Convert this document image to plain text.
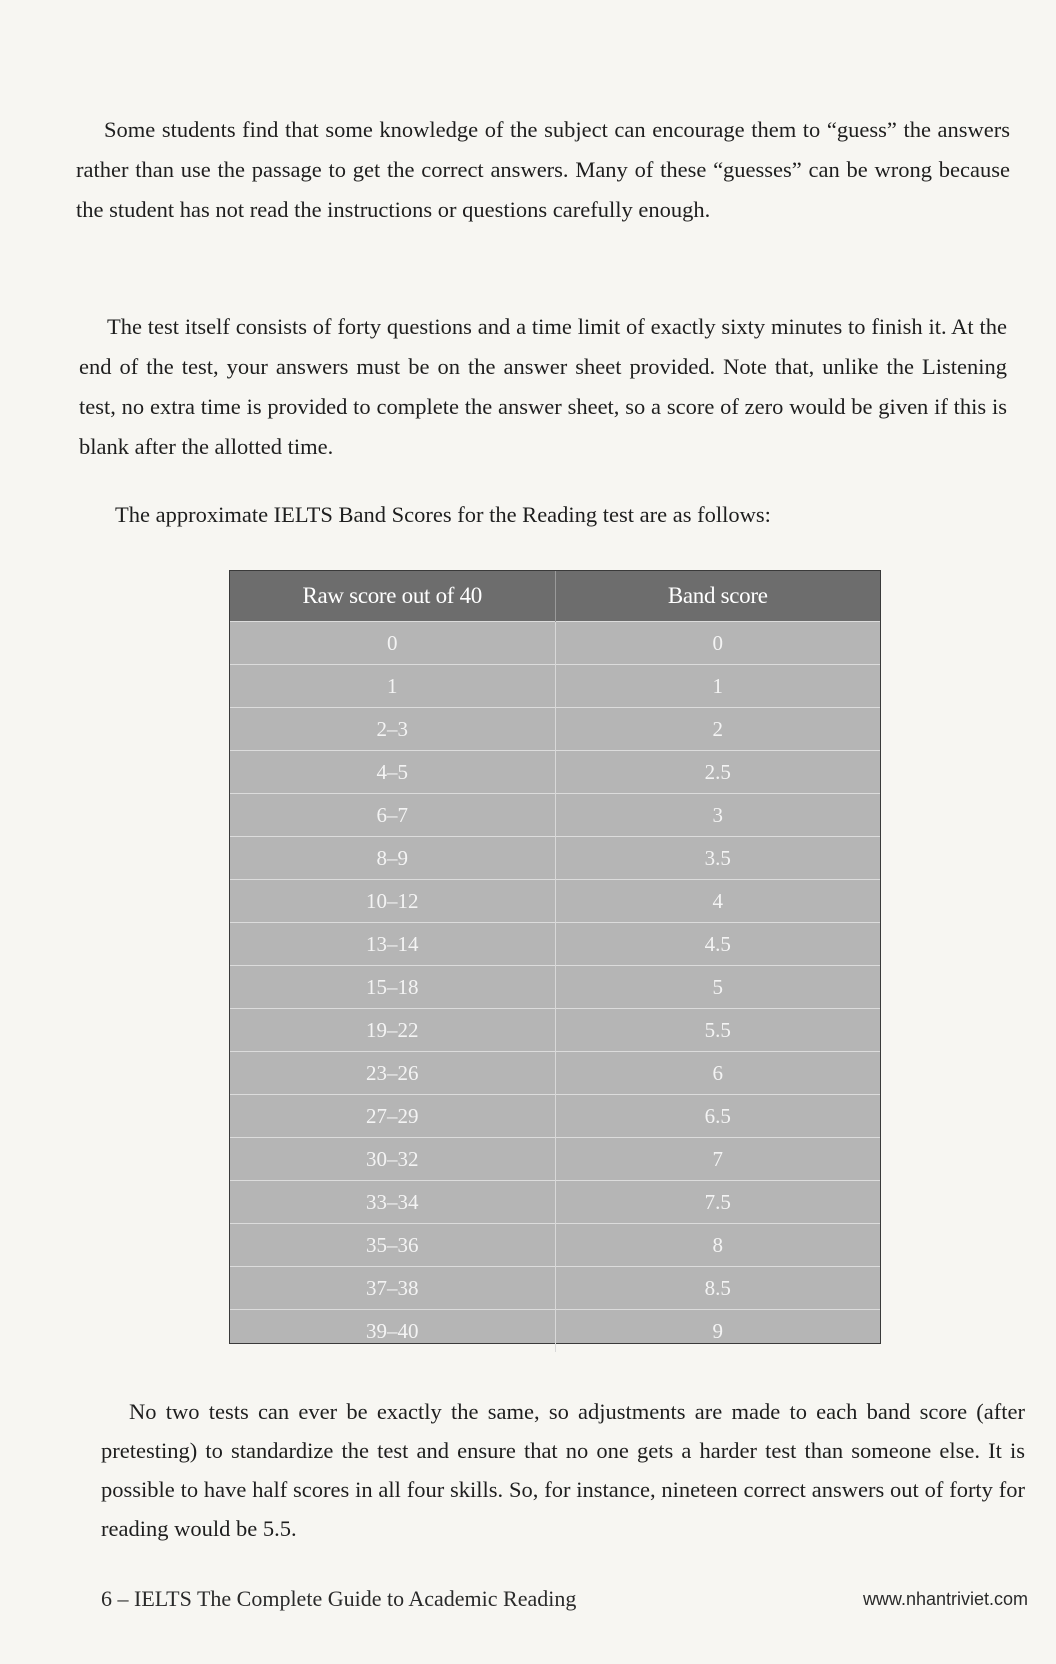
Some students find that some knowledge of the subject can encourage them to “guess” the answers rather than use the passage to get the correct answers. Many of these “guesses” can be wrong because the student has not read the instructions or questions carefully enough.

The test itself consists of forty questions and a time limit of exactly sixty minutes to finish it. At the end of the test, your answers must be on the answer sheet provided. Note that, unlike the Listening test, no extra time is provided to complete the answer sheet, so a score of zero would be given if this is blank after the allotted time.

The approximate IELTS Band Scores for the Reading test are as follows:

Raw score out of 40	Band score
0	0
1	1
2–3	2
4–5	2.5
6–7	3
8–9	3.5
10–12	4
13–14	4.5
15–18	5
19–22	5.5
23–26	6
27–29	6.5
30–32	7
33–34	7.5
35–36	8
37–38	8.5
39–40	9

No two tests can ever be exactly the same, so adjustments are made to each band score (after pretesting) to standardize the test and ensure that no one gets a harder test than someone else. It is possible to have half scores in all four skills. So, for instance, nineteen correct answers out of forty for reading would be 5.5.

6 – IELTS The Complete Guide to Academic Reading	www.nhantriviet.com
